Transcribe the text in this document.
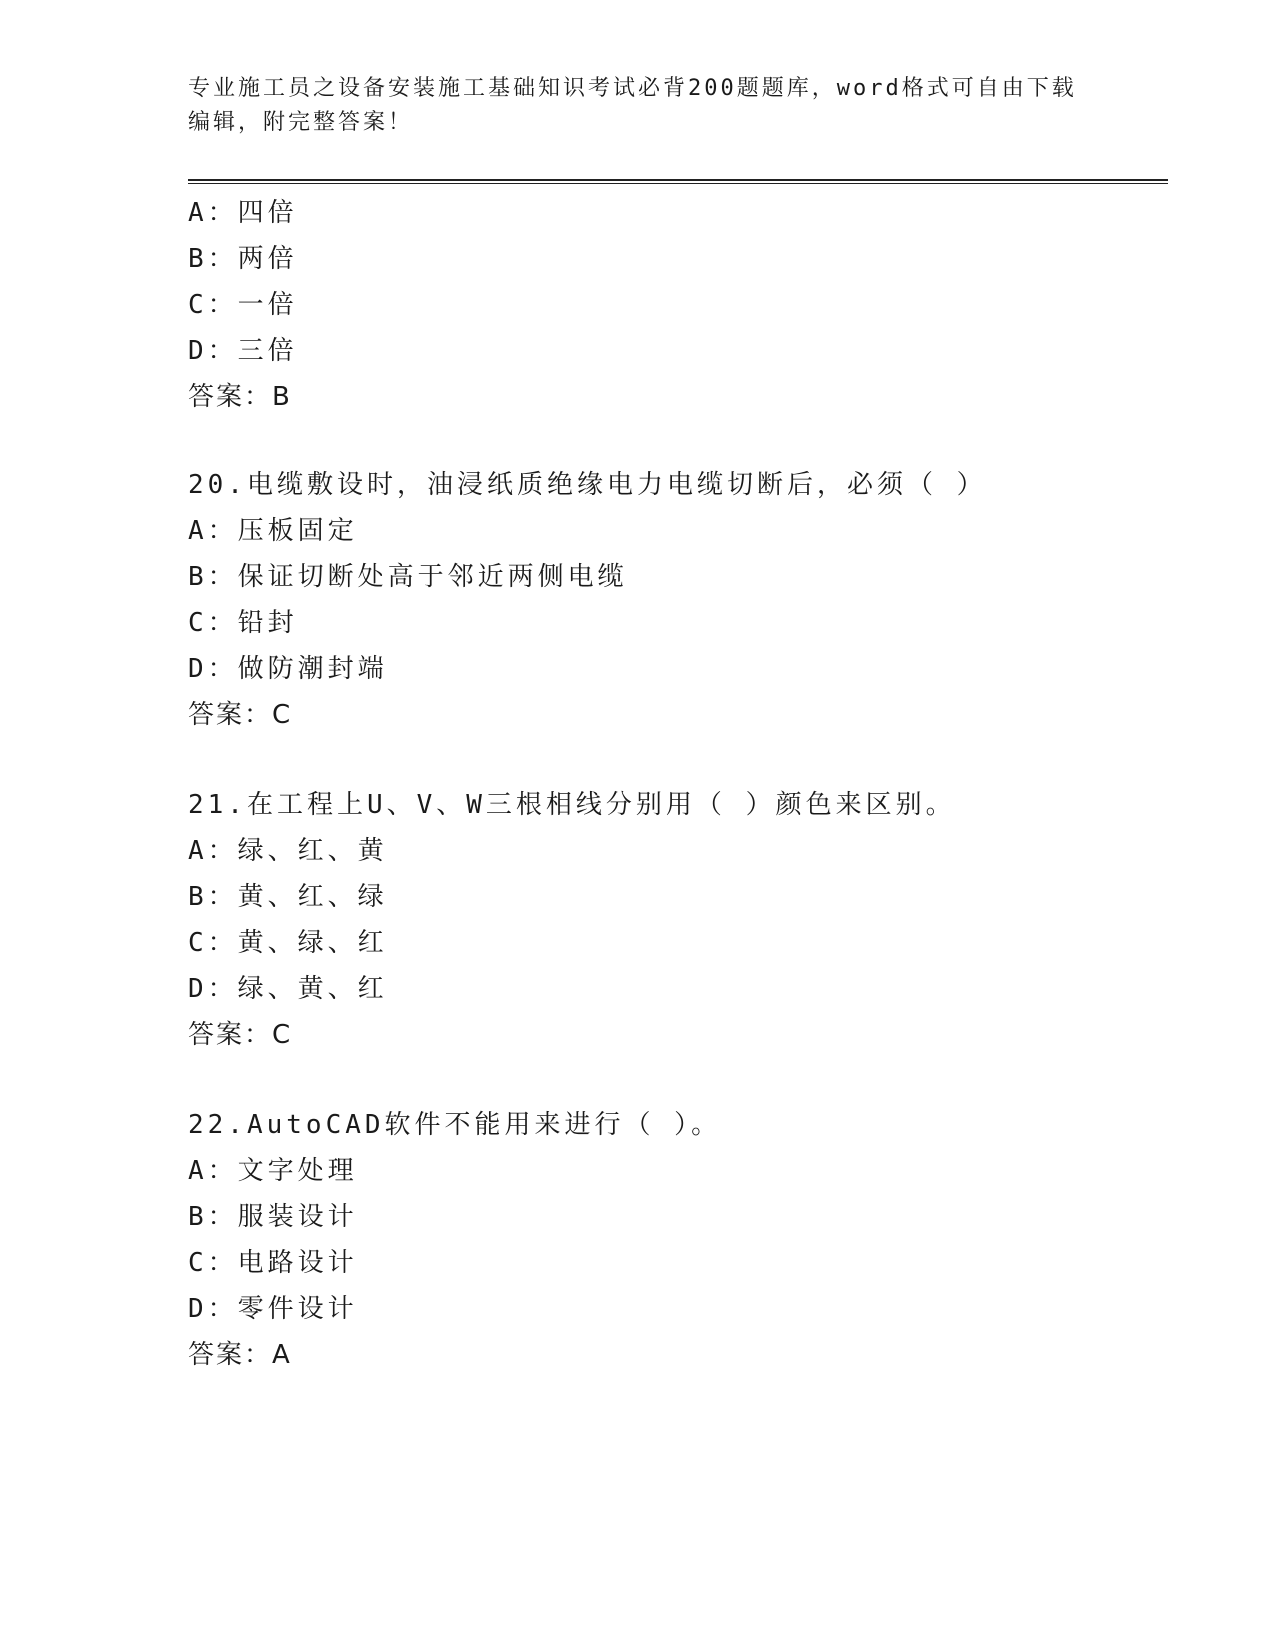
专业施工员之设备安装施工基础知识考试必背200题题库，word格式可自由下载
编辑，附完整答案！
A：四倍
B：两倍
C：一倍
D：三倍
答案：B
20.电缆敷设时，油浸纸质绝缘电力电缆切断后，必须（ ）
A：压板固定
B：保证切断处高于邻近两侧电缆
C：铅封
D：做防潮封端
答案：C
21.在工程上U、V、W三根相线分别用（ ）颜色来区别。
A：绿、红、黄
B：黄、红、绿
C：黄、绿、红
D：绿、黄、红
答案：C
22.AutoCAD软件不能用来进行（ ）。
A：文字处理
B：服装设计
C：电路设计
D：零件设计
答案：A
